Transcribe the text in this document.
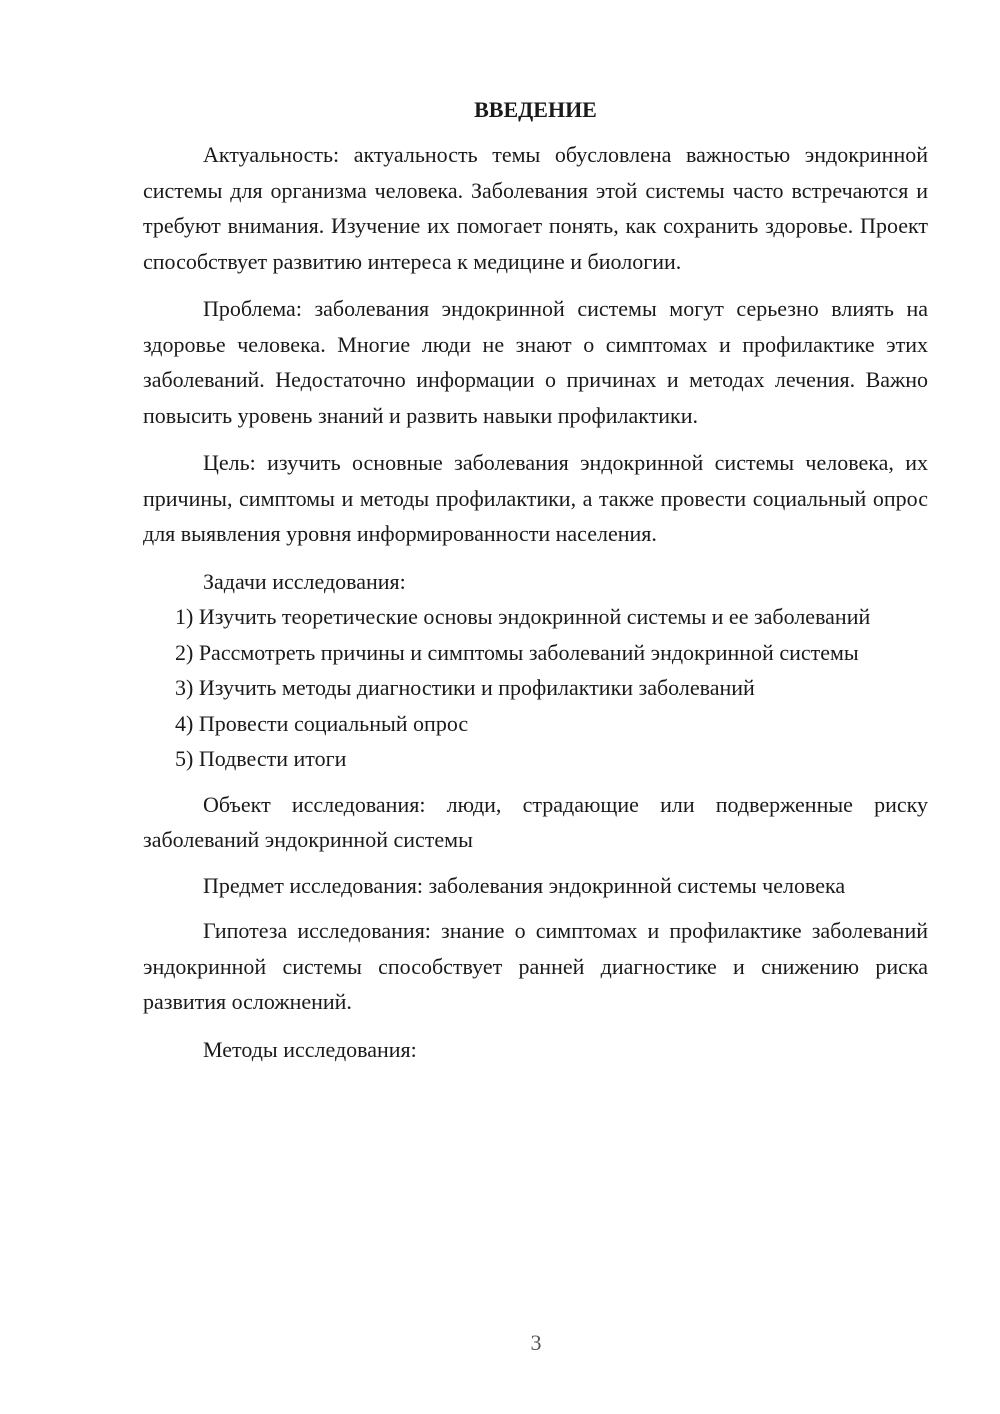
ВВЕДЕНИЕ

Актуальность: актуальность темы обусловлена важностью эндокринной системы для организма человека. Заболевания этой системы часто встречаются и требуют внимания. Изучение их помогает понять, как сохранить здоровье. Проект способствует развитию интереса к медицине и биологии.

Проблема: заболевания эндокринной системы могут серьезно влиять на здоровье человека. Многие люди не знают о симптомах и профилактике этих заболеваний. Недостаточно информации о причинах и методах лечения. Важно повысить уровень знаний и развить навыки профилактики.

Цель: изучить основные заболевания эндокринной системы человека, их причины, симптомы и методы профилактики, а также провести социальный опрос для выявления уровня информированности населения.

Задачи исследования:

1) Изучить теоретические основы эндокринной системы и ее заболеваний

2) Рассмотреть причины и симптомы заболеваний эндокринной системы

3) Изучить методы диагностики и профилактики заболеваний

4) Провести социальный опрос

5) Подвести итоги

Объект исследования: люди, страдающие или подверженные риску заболеваний эндокринной системы

Предмет исследования: заболевания эндокринной системы человека

Гипотеза исследования: знание о симптомах и профилактике заболеваний эндокринной системы способствует ранней диагностике и снижению риска развития осложнений.

Методы исследования:

3
